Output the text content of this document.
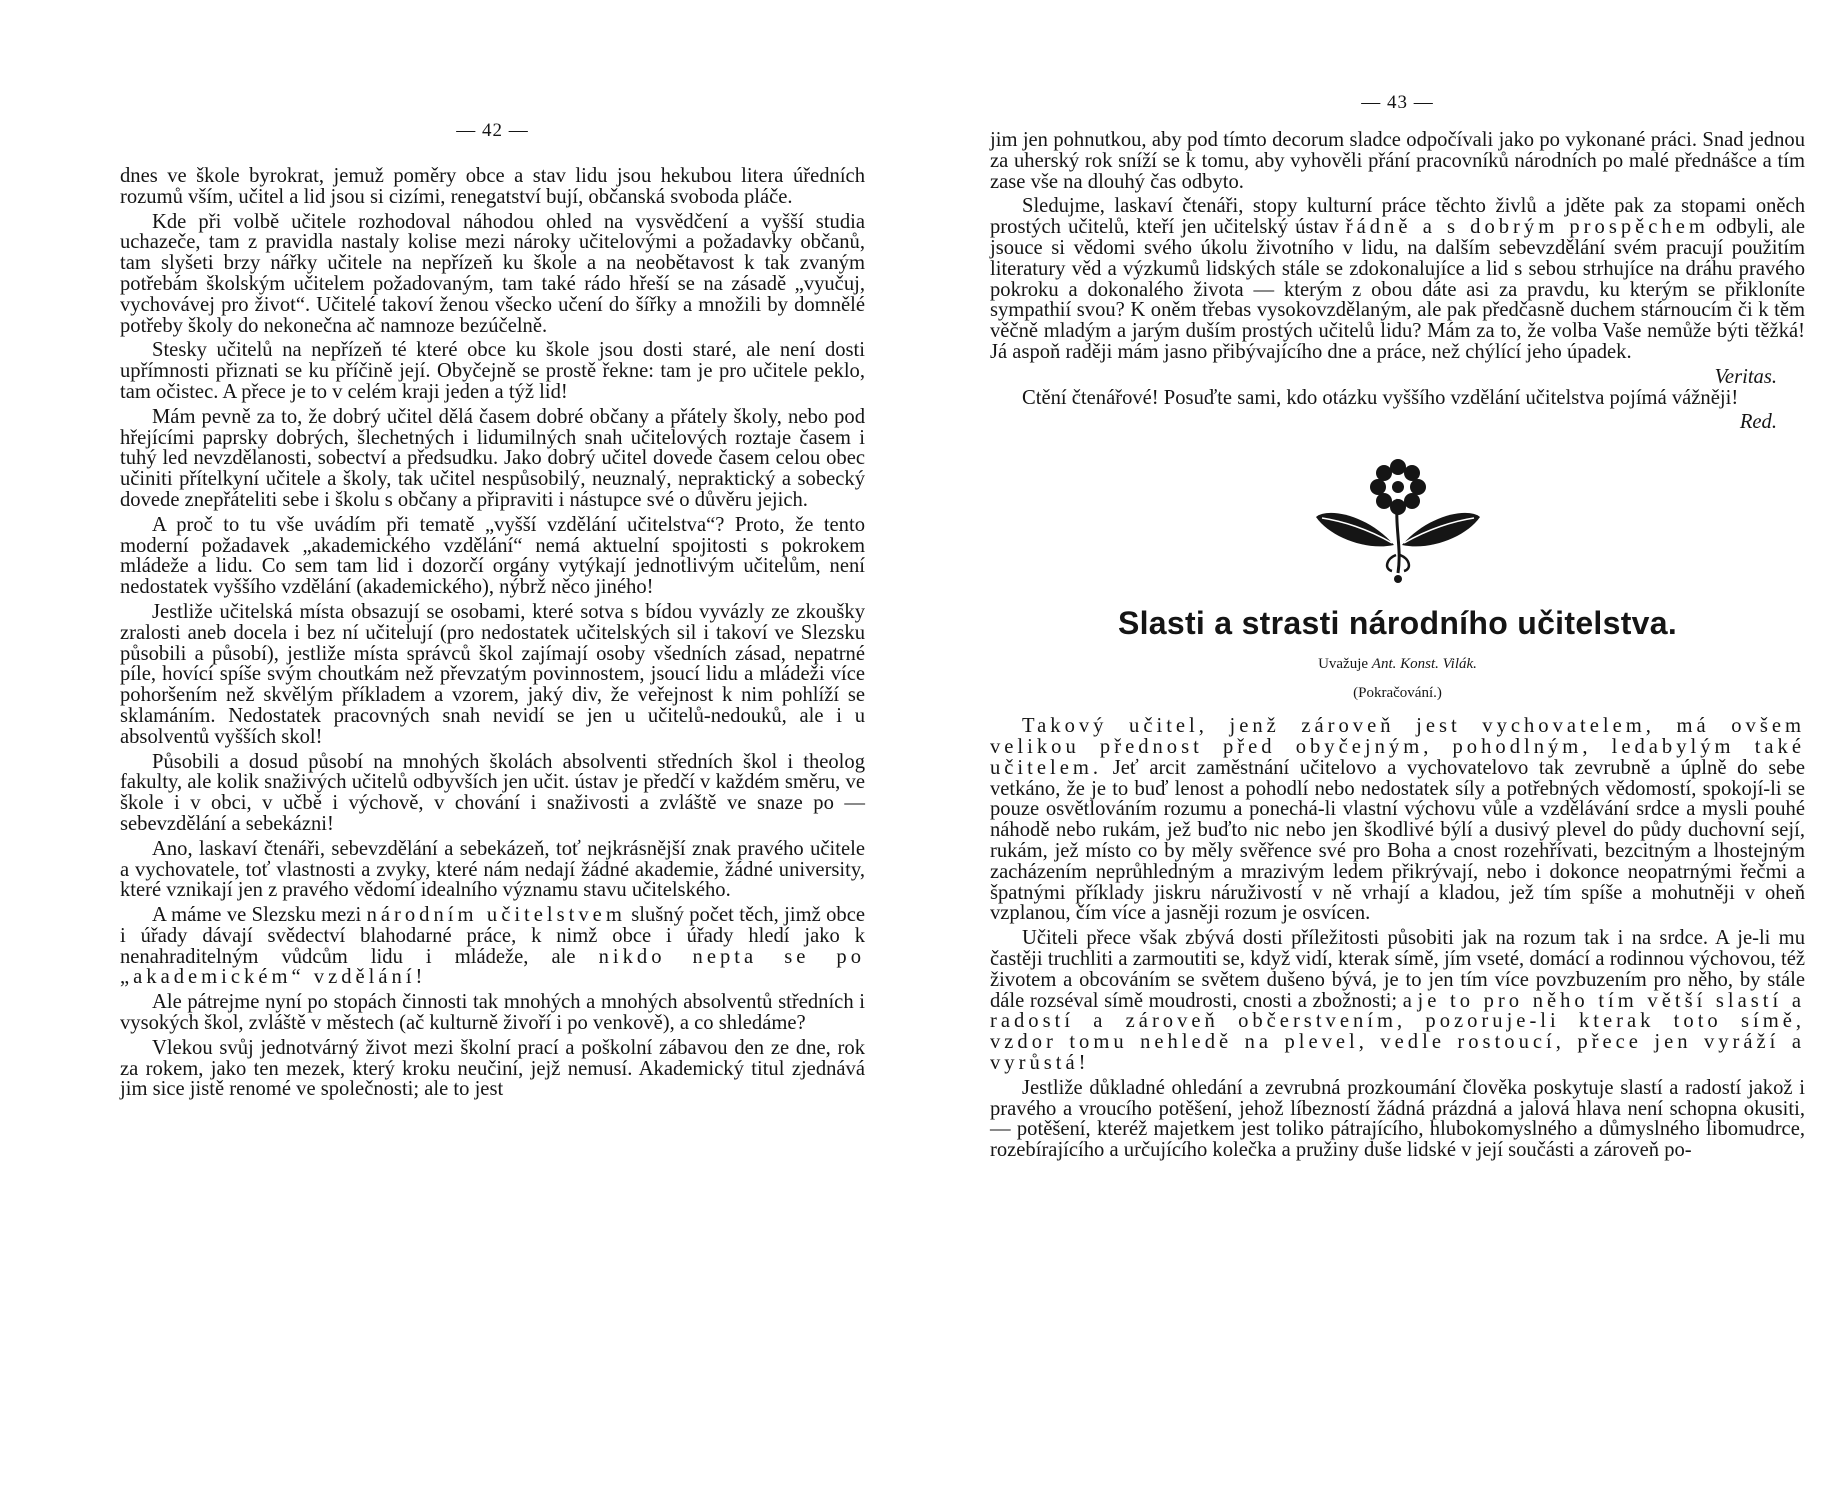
— 42 —

dnes ve škole byrokrat, jemuž poměry obce a stav lidu jsou hekubou litera úředních rozumů vším, učitel a lid jsou si cizími, renegatství bují, občanská svoboda pláče.

Kde při volbě učitele rozhodoval náhodou ohled na vysvědčení a vyšší studia uchazeče, tam z pravidla nastaly kolise mezi nároky učitelovými a požadavky občanů, tam slyšeti brzy nářky učitele na nepřízeň ku škole a na neobětavost k tak zvaným potřebám školským učitelem požadovaným, tam také rádo hřeší se na zásadě „vyučuj, vychovávej pro život“. Učitelé takoví ženou všecko učení do šířky a množili by domnělé potřeby školy do nekonečna ač namnoze bezúčelně.

Stesky učitelů na nepřízeň té které obce ku škole jsou dosti staré, ale není dosti upřímnosti přiznati se ku příčině její. Obyčejně se prostě řekne: tam je pro učitele peklo, tam očistec. A přece je to v celém kraji jeden a týž lid!

Mám pevně za to, že dobrý učitel dělá časem dobré občany a přátely školy, nebo pod hřejícími paprsky dobrých, šlechetných i lidumilných snah učitelových roztaje časem i tuhý led nevzdělanosti, sobectví a předsudku. Jako dobrý učitel dovede časem celou obec učiniti přítelkyní učitele a školy, tak učitel nespůsobilý, neuznalý, nepraktický a sobecký dovede znepřáteliti sebe i školu s občany a připraviti i nástupce své o důvěru jejich.

A proč to tu vše uvádím při tematě „vyšší vzdělání učitelstva“? Proto, že tento moderní požadavek „akademického vzdělání“ nemá aktuelní spojitosti s pokrokem mládeže a lidu. Co sem tam lid i dozorčí orgány vytýkají jednotlivým učitelům, není nedostatek vyššího vzdělání (akademického), nýbrž něco jiného!

Jestliže učitelská místa obsazují se osobami, které sotva s bídou vyvázly ze zkoušky zralosti aneb docela i bez ní učitelují (pro nedostatek učitelských sil i takoví ve Slezsku působili a působí), jestliže místa správců škol zajímají osoby všedních zásad, nepatrné píle, hovící spíše svým choutkám než převzatým povinnostem, jsoucí lidu a mládeži více pohoršením než skvělým příkladem a vzorem, jaký div, že veřejnost k nim pohlíží se sklamáním. Nedostatek pracovných snah nevidí se jen u učitelů-nedouků, ale i u absolventů vyšších skol!

Působili a dosud působí na mnohých školách absolventi středních škol i theolog fakulty, ale kolik snaživých učitelů odbyvších jen učit. ústav je předčí v každém směru, ve škole i v obci, v učbě i výchově, v chování i snaživosti a zvláště ve snaze po — sebevzdělání a sebekázni!

Ano, laskaví čtenáři, sebevzdělání a sebekázeň, toť nejkrásnější znak pravého učitele a vychovatele, toť vlastnosti a zvyky, které nám nedají žádné akademie, žádné university, které vznikají jen z pravého vědomí idealního významu stavu učitelského.

A máme ve Slezsku mezi národním učitelstvem slušný počet těch, jimž obce i úřady dávají svědectví blahodarné práce, k nimž obce i úřady hledí jako k nenahraditelným vůdcům lidu i mládeže, ale nikdo nepta se po „akademickém“ vzdělání!

Ale pátrejme nyní po stopách činnosti tak mnohých a mnohých absolventů středních i vysokých škol, zvláště v městech (ač kulturně živoří i po venkově), a co shledáme?

Vlekou svůj jednotvárný život mezi školní prací a poškolní zábavou den ze dne, rok za rokem, jako ten mezek, který kroku neučiní, jejž nemusí. Akademický titul zjednává jim sice jistě renomé ve společnosti; ale to jest

— 43 —

jim jen pohnutkou, aby pod tímto decorum sladce odpočívali jako po vykonané práci. Snad jednou za uherský rok sníží se k tomu, aby vyhověli přání pracovníků národních po malé přednášce a tím zase vše na dlouhý čas odbyto.

Sledujme, laskaví čtenáři, stopy kulturní práce těchto živlů a jděte pak za stopami oněch prostých učitelů, kteří jen učitelský ústav řádně a s dobrým prospěchem odbyli, ale jsouce si vědomi svého úkolu životního v lidu, na dalším sebevzdělání svém pracují použitím literatury věd a výzkumů lidských stále se zdokonalujíce a lid s sebou strhujíce na dráhu pravého pokroku a dokonalého života — kterým z obou dáte asi za pravdu, ku kterým se přikloníte sympathií svou? K oněm třebas vysokovzdělaným, ale pak předčasně duchem stárnoucím či k těm věčně mladým a jarým duším prostých učitelů lidu? Mám za to, že volba Vaše nemůže býti těžká! Já aspoň raději mám jasno přibývajícího dne a práce, než chýlící jeho úpadek.

Veritas.

Ctění čtenářové! Posuďte sami, kdo otázku vyššího vzdělání učitelstva pojímá vážněji!

Red.
Slasti a strasti národního učitelstva.
Uvažuje Ant. Konst. Vilák.
(Pokračování.)

Takový učitel, jenž zároveň jest vychovatelem, má ovšem velikou přednost před obyčejným, pohodlným, ledabylým také učitelem. Jeť arcit zaměstnání učitelovo a vychovatelovo tak zevrubně a úplně do sebe vetkáno, že je to buď lenost a pohodlí nebo nedostatek síly a potřebných vědomostí, spokojí-li se pouze osvětlováním rozumu a ponechá-li vlastní výchovu vůle a vzdělávání srdce a mysli pouhé náhodě nebo rukám, jež buďto nic nebo jen škodlivé býlí a dusivý plevel do půdy duchovní sejí, rukám, jež místo co by měly svěřence své pro Boha a cnost rozehřívati, bezcitným a lhostejným zacházením neprůhledným a mrazivým ledem přikrývají, nebo i dokonce neopatrnými řečmi a špatnými příklady jiskru náruživostí v ně vrhají a kladou, jež tím spíše a mohutněji v oheň vzplanou, čím více a jasněji rozum je osvícen.

Učiteli přece však zbývá dosti příležitosti působiti jak na rozum tak i na srdce. A je-li mu častěji truchliti a zarmoutiti se, když vidí, kterak símě, jím vseté, domácí a rodinnou výchovou, též životem a obcováním se světem dušeno bývá, je to jen tím více povzbuzením pro něho, by stále dále rozséval símě moudrosti, cnosti a zbožnosti; a je to pro něho tím větší slastí a radostí a zároveň občerstvením, pozoruje-li kterak toto símě, vzdor tomu nehledě na plevel, vedle rostoucí, přece jen vyráží a vyrůstá!

Jestliže důkladné ohledání a zevrubná prozkoumání člověka poskytuje slastí a radostí jakož i pravého a vroucího potěšení, jehož líbezností žádná prázdná a jalová hlava není schopna okusiti, — potěšení, kteréž majetkem jest toliko pátrajícího, hlubokomyslného a důmyslného libomudrce, rozebírajícího a určujícího kolečka a pružiny duše lidské v její součásti a zároveň po-
